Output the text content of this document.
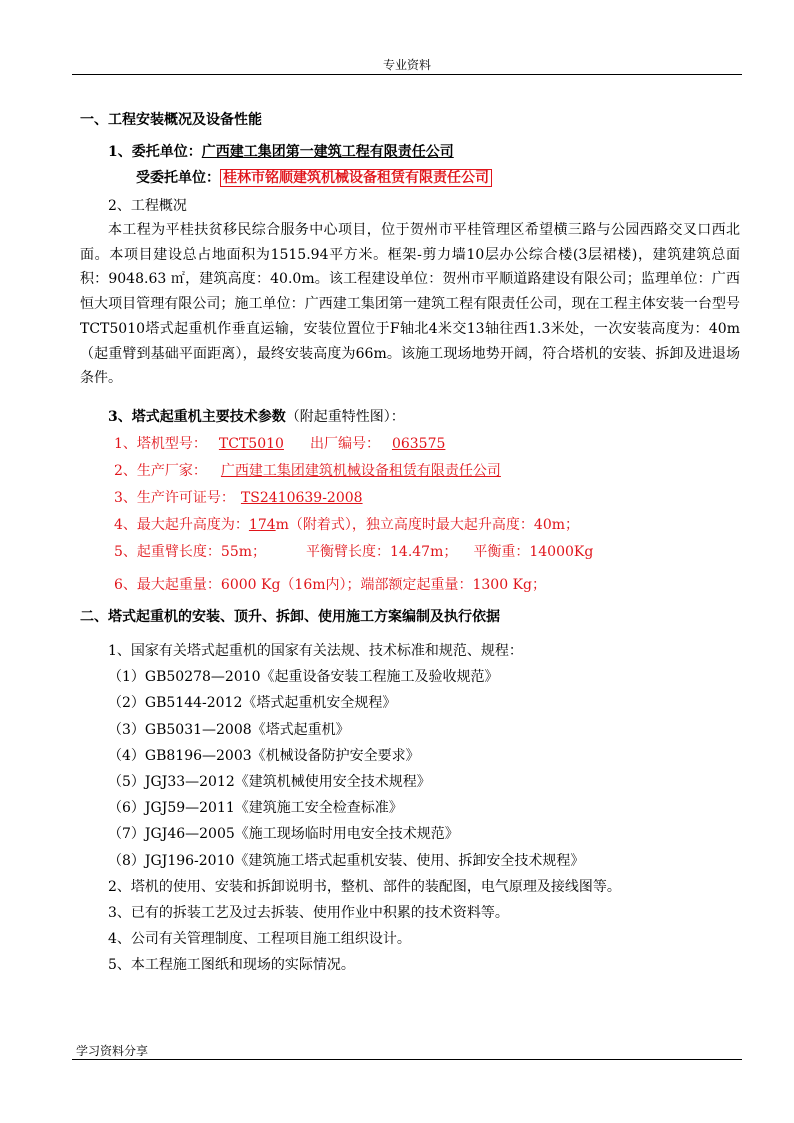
专业资料
一、工程安装概况及设备性能
1、委托单位：广西建工集团第一建筑工程有限责任公司
受委托单位： 桂林市铭顺建筑机械设备租赁有限责任公司
2、工程概况
本工程为平桂扶贫移民综合服务中心项目，位于贺州市平桂管理区希望横三路与公园西路交叉口西北面。本项目建设总占地面积为1515.94平方米。框架-剪力墙10层办公综合楼(3层裙楼)，建筑建筑总面积：9048.63 ㎡，建筑高度：40.0m。该工程建设单位：贺州市平顺道路建设有限公司；监理单位：广西恒大项目管理有限公司；施工单位：广西建工集团第一建筑工程有限责任公司，现在工程主体安装一台型号TCT5010塔式起重机作垂直运输，安装位置位于F轴北4米交13轴往西1.3米处，一次安装高度为：40m（起重臂到基础平面距离），最终安装高度为66m。该施工现场地势开阔，符合塔机的安装、拆卸及进退场条件。
3、塔式起重机主要技术参数（附起重特性图）：
1、塔机型号： TCT5010 出厂编号： 063575
2、生产厂家： 广西建工集团建筑机械设备租赁有限责任公司
3、生产许可证号： TS2410639-2008
4、最大起升高度为：174m（附着式），独立高度时最大起升高度：40m；
5、起重臂长度：55m；	平衡臂长度：14.47m； 平衡重：14000Kg
6、最大起重量：6000 Kg（16m内）；端部额定起重量：1300 Kg；
二、塔式起重机的安装、顶升、拆卸、使用施工方案编制及执行依据
1、国家有关塔式起重机的国家有关法规、技术标准和规范、规程：
（1）GB50278—2010《起重设备安装工程施工及验收规范》
（2）GB5144-2012《塔式起重机安全规程》
（3）GB5031—2008《塔式起重机》
（4）GB8196—2003《机械设备防护安全要求》
（5）JGJ33—2012《建筑机械使用安全技术规程》
（6）JGJ59—2011《建筑施工安全检查标准》
（7）JGJ46—2005《施工现场临时用电安全技术规范》
（8）JGJ196-2010《建筑施工塔式起重机安装、使用、拆卸安全技术规程》
2、塔机的使用、安装和拆卸说明书，整机、部件的装配图，电气原理及接线图等。
3、已有的拆装工艺及过去拆装、使用作业中积累的技术资料等。
4、公司有关管理制度、工程项目施工组织设计。
5、本工程施工图纸和现场的实际情况。
学习资料分享
